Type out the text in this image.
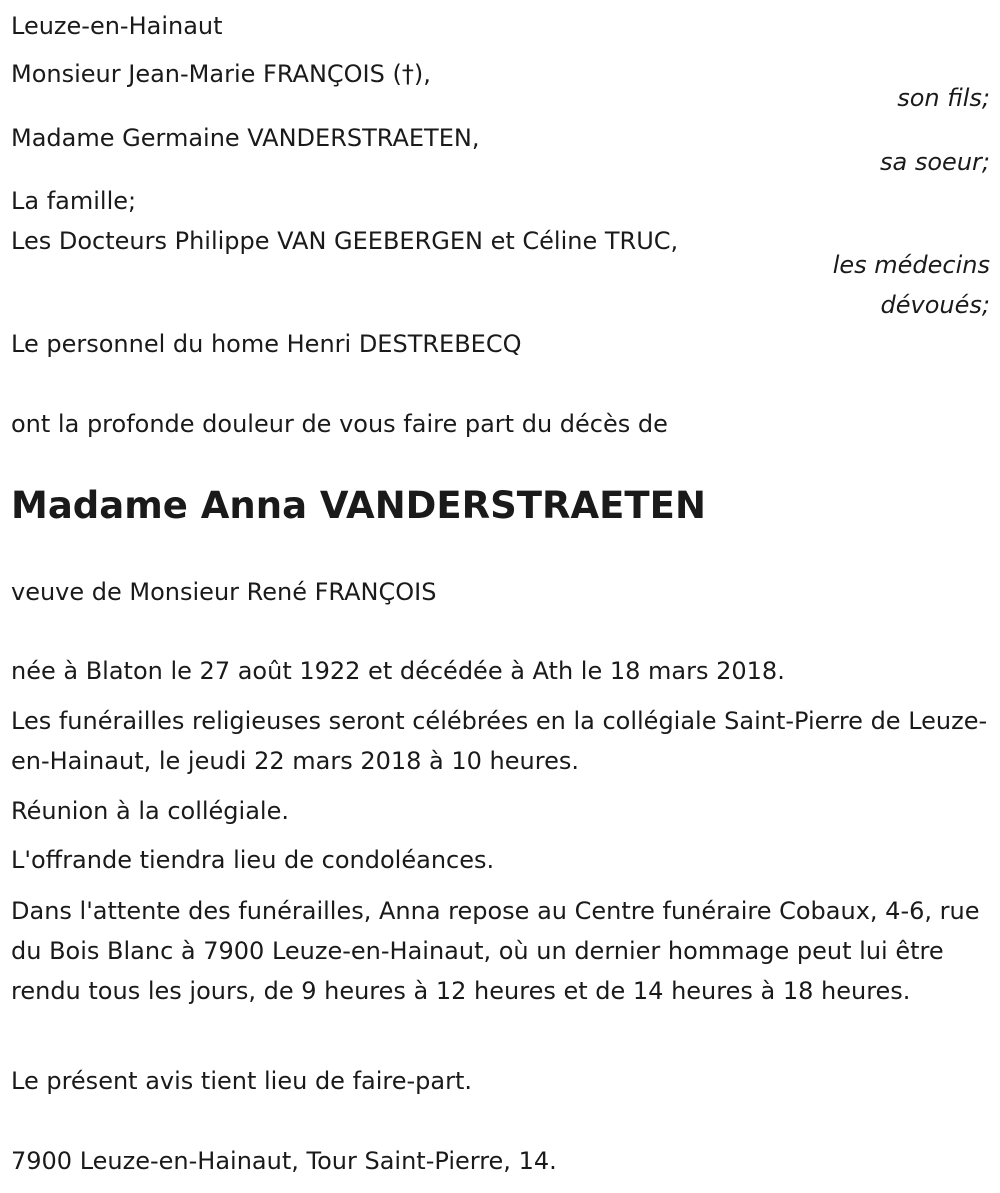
Leuze-en-Hainaut
Monsieur Jean-Marie FRANÇOIS (†),
son fils;
Madame Germaine VANDERSTRAETEN,
sa soeur;
La famille;
Les Docteurs Philippe VAN GEEBERGEN et Céline TRUC,
les médecins
dévoués;
Le personnel du home Henri DESTREBECQ
ont la profonde douleur de vous faire part du décès de
Madame Anna VANDERSTRAETEN
veuve de Monsieur René FRANÇOIS
née à Blaton le 27 août 1922 et décédée à Ath le 18 mars 2018.
Les funérailles religieuses seront célébrées en la collégiale Saint-Pierre de Leuze-en-Hainaut, le jeudi 22 mars 2018 à 10 heures.
Réunion à la collégiale.
L'offrande tiendra lieu de condoléances.
Dans l'attente des funérailles, Anna repose au Centre funéraire Cobaux, 4-6, rue du Bois Blanc à 7900 Leuze-en-Hainaut, où un dernier hommage peut lui être rendu tous les jours, de 9 heures à 12 heures et de 14 heures à 18 heures.
Le présent avis tient lieu de faire-part.
7900 Leuze-en-Hainaut, Tour Saint-Pierre, 14.
